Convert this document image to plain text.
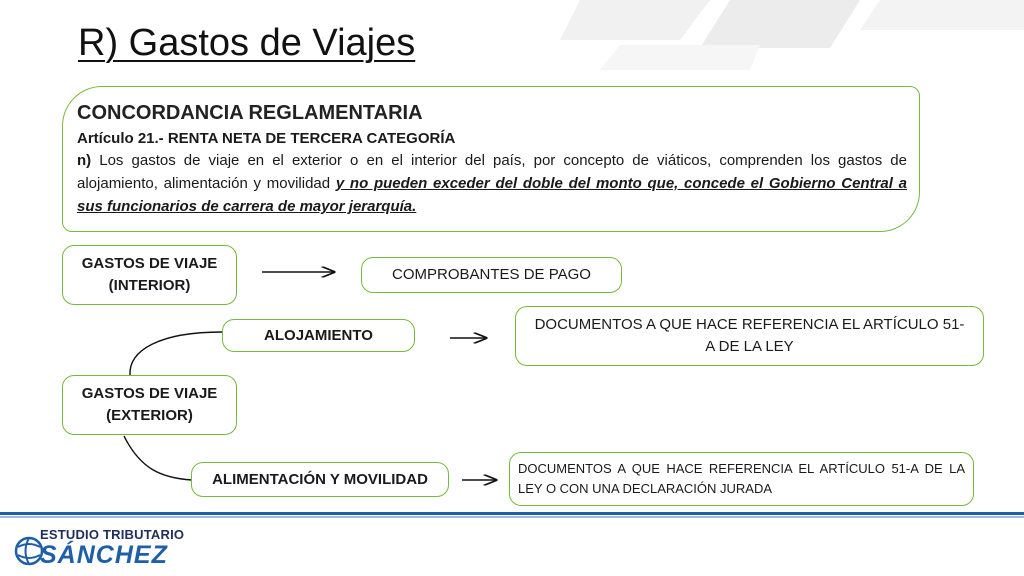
R) Gastos de Viajes
CONCORDANCIA REGLAMENTARIA
Artículo 21.- RENTA NETA DE TERCERA CATEGORÍA
n) Los gastos de viaje en el exterior o en el interior del país, por concepto de viáticos, comprenden los gastos de alojamiento, alimentación y movilidad y no pueden exceder del doble del monto que, concede el Gobierno Central a sus funcionarios de carrera de mayor jerarquía.
GASTOS DE VIAJE (INTERIOR)
COMPROBANTES DE PAGO
ALOJAMIENTO
DOCUMENTOS A QUE HACE REFERENCIA EL ARTÍCULO 51-A DE LA LEY
GASTOS DE VIAJE (EXTERIOR)
ALIMENTACIÓN Y MOVILIDAD
DOCUMENTOS A QUE HACE REFERENCIA EL ARTÍCULO 51-A DE LA LEY O CON UNA DECLARACIÓN JURADA
ESTUDIO TRIBUTARIO
SÁNCHEZ
